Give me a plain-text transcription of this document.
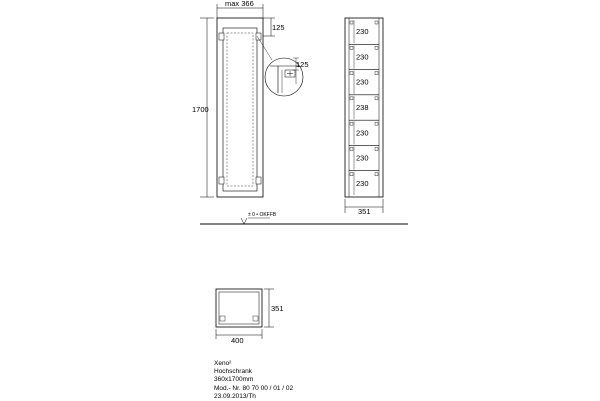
max 366
1700
125
125
230
230
230
238
230
230
230
351
± 0 • OKFFB
400
351
Xeno²
Hochschrank
360x1700mm
Mod.- Nr. 80 70 00 / 01 / 02
23.09.2013/Th
